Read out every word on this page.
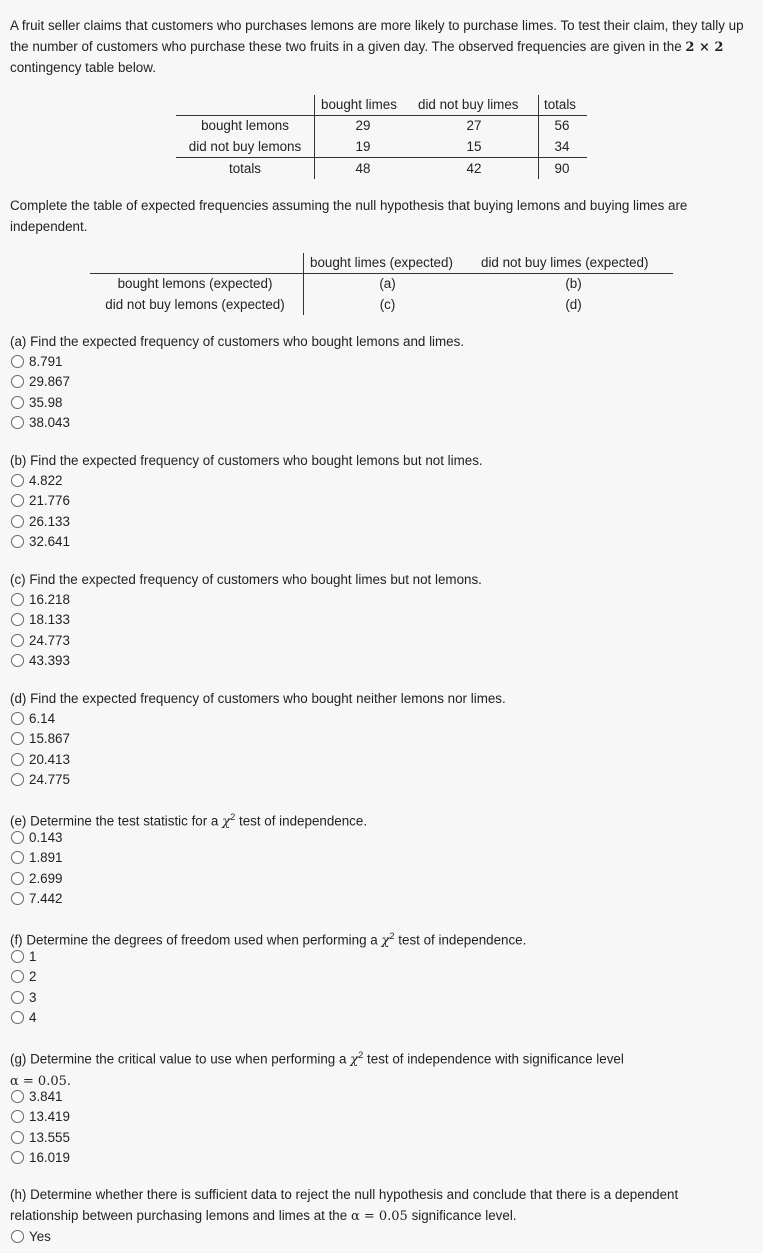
A fruit seller claims that customers who purchases lemons are more likely to purchase limes. To test their claim, they tally up the number of customers who purchase these two fruits in a given day. The observed frequencies are given in the 2 × 2 contingency table below.
bought limes did not buy limes totals
bought lemons	29	27	56
did not buy lemons	19	15	34
totals	48	42	90
Complete the table of expected frequencies assuming the null hypothesis that buying lemons and buying limes are independent.
bought limes (expected) did not buy limes (expected)
bought lemons (expected)	(a)	(b)
did not buy lemons (expected)	(c)	(d)
(a) Find the expected frequency of customers who bought lemons and limes.
8.791
29.867
35.98
38.043
(b) Find the expected frequency of customers who bought lemons but not limes.
4.822
21.776
26.133
32.641
(c) Find the expected frequency of customers who bought limes but not lemons.
16.218
18.133
24.773
43.393
(d) Find the expected frequency of customers who bought neither lemons nor limes.
6.14
15.867
20.413
24.775
(e) Determine the test statistic for a $\chi^2$ test of independence.
0.143
1.891
2.699
7.442
(f) Determine the degrees of freedom used when performing a $\chi^2$ test of independence.
1
2
3
4
(g) Determine the critical value to use when performing a $\chi^2$ test of independence with significance level
α = 0.05.
3.841
13.419
13.555
16.019
(h) Determine whether there is sufficient data to reject the null hypothesis and conclude that there is a dependent
relationship between purchasing lemons and limes at the α = 0.05 significance level.
Yes
